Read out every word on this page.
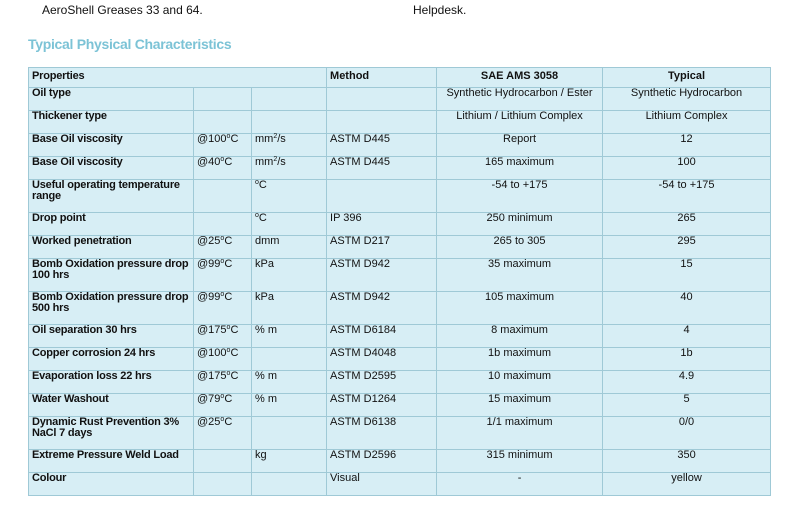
AeroShell Greases 33 and 64.	Helpdesk.
Typical Physical Characteristics
Properties			Method	SAE AMS 3058	Typical
Oil type				Synthetic Hydrocarbon / Ester	Synthetic Hydrocarbon
Thickener type				Lithium / Lithium Complex	Lithium Complex
Base Oil viscosity	@100$^o$C	$mm^2/s$	ASTM D445	Report	12
Base Oil viscosity	@40$^o$C	$mm^2/s$	ASTM D445	165 maximum	100
Useful operating temperature range		$^o$C		-54 to +175	-54 to +175
Drop point		$^o$C	IP 396	250 minimum	265
Worked penetration	@25$^o$C	dmm	ASTM D217	265 to 305	295
Bomb Oxidation pressure drop 100 hrs	@99$^o$C	kPa	ASTM D942	35 maximum	15
Bomb Oxidation pressure drop 500 hrs	@99$^o$C	kPa	ASTM D942	105 maximum	40
Oil separation 30 hrs	@175$^o$C	% m	ASTM D6184	8 maximum	4
Copper corrosion 24 hrs	@100$^o$C		ASTM D4048	1b maximum	1b
Evaporation loss 22 hrs	@175$^o$C	% m	ASTM D2595	10 maximum	4.9
Water Washout	@79$^o$C	% m	ASTM D1264	15 maximum	5
Dynamic Rust Prevention 3% NaCl 7 days	@25$^o$C		ASTM D6138	1/1 maximum	0/0
Extreme Pressure Weld Load		kg	ASTM D2596	315 minimum	350
Colour			Visual	-	yellow
